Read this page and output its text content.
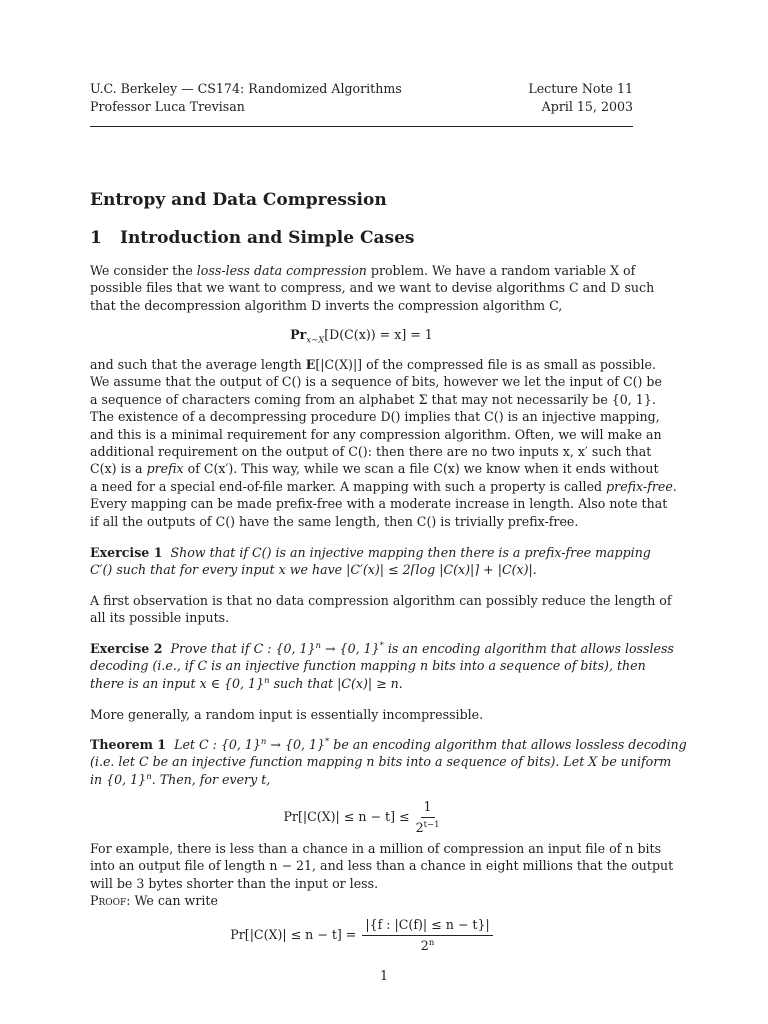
U.C. Berkeley — CS174: Randomized Algorithms
Professor Luca Trevisan
Lecture Note 11
April 15, 2003
Entropy and Data Compression
1 Introduction and Simple Cases
We consider the loss-less data compression problem. We have a random variable X of
possible files that we want to compress, and we want to devise algorithms C and D such
that the decompression algorithm D inverts the compression algorithm C,
$Pr_{x\sim X}[D(C(x)) = x] = 1$
and such that the average length E[|C(X)|] of the compressed file is as small as possible.
We assume that the output of C() is a sequence of bits, however we let the input of C() be
a sequence of characters coming from an alphabet Σ that may not necessarily be {0, 1}.
The existence of a decompressing procedure D() implies that C() is an injective mapping,
and this is a minimal requirement for any compression algorithm. Often, we will make an
additional requirement on the output of C(): then there are no two inputs x, x′ such that
C(x) is a prefix of C(x′). This way, while we scan a file C(x) we know when it ends without
a need for a special end-of-file marker. A mapping with such a property is called prefix-free.
Every mapping can be made prefix-free with a moderate increase in length. Also note that
if all the outputs of C() have the same length, then C() is trivially prefix-free.
Exercise 1 Show that if C() is an injective mapping then there is a prefix-free mapping
C′() such that for every input x we have |C′(x)| ≤ 2⌈log |C(x)|⌉ + |C(x)|.
A first observation is that no data compression algorithm can possibly reduce the length of
all its possible inputs.
Exercise 2 Prove that if C : {0, 1}$^n$ → {0, 1}* is an encoding algorithm that allows lossless
decoding (i.e., if C is an injective function mapping n bits into a sequence of bits), then
there is an input x ∈ {0, 1}$^n$ such that |C(x)| ≥ n.
More generally, a random input is essentially incompressible.
Theorem 1 Let C : {0, 1}$^n$ → {0, 1}* be an encoding algorithm that allows lossless decoding
(i.e. let C be an injective function mapping n bits into a sequence of bits). Let X be uniform
in {0, 1}$^n$. Then, for every t,
$Pr[|C(X)| \le n - t] \le \frac{1}{2^{t-1}}$
For example, there is less than a chance in a million of compression an input file of n bits
into an output file of length n − 21, and less than a chance in eight millions that the output
will be 3 bytes shorter than the input or less.
Proof: We can write
$Pr[|C(X)| \le n - t] = \frac{|\{f : |C(f)| \le n - t\}|}{2^n}$
1
